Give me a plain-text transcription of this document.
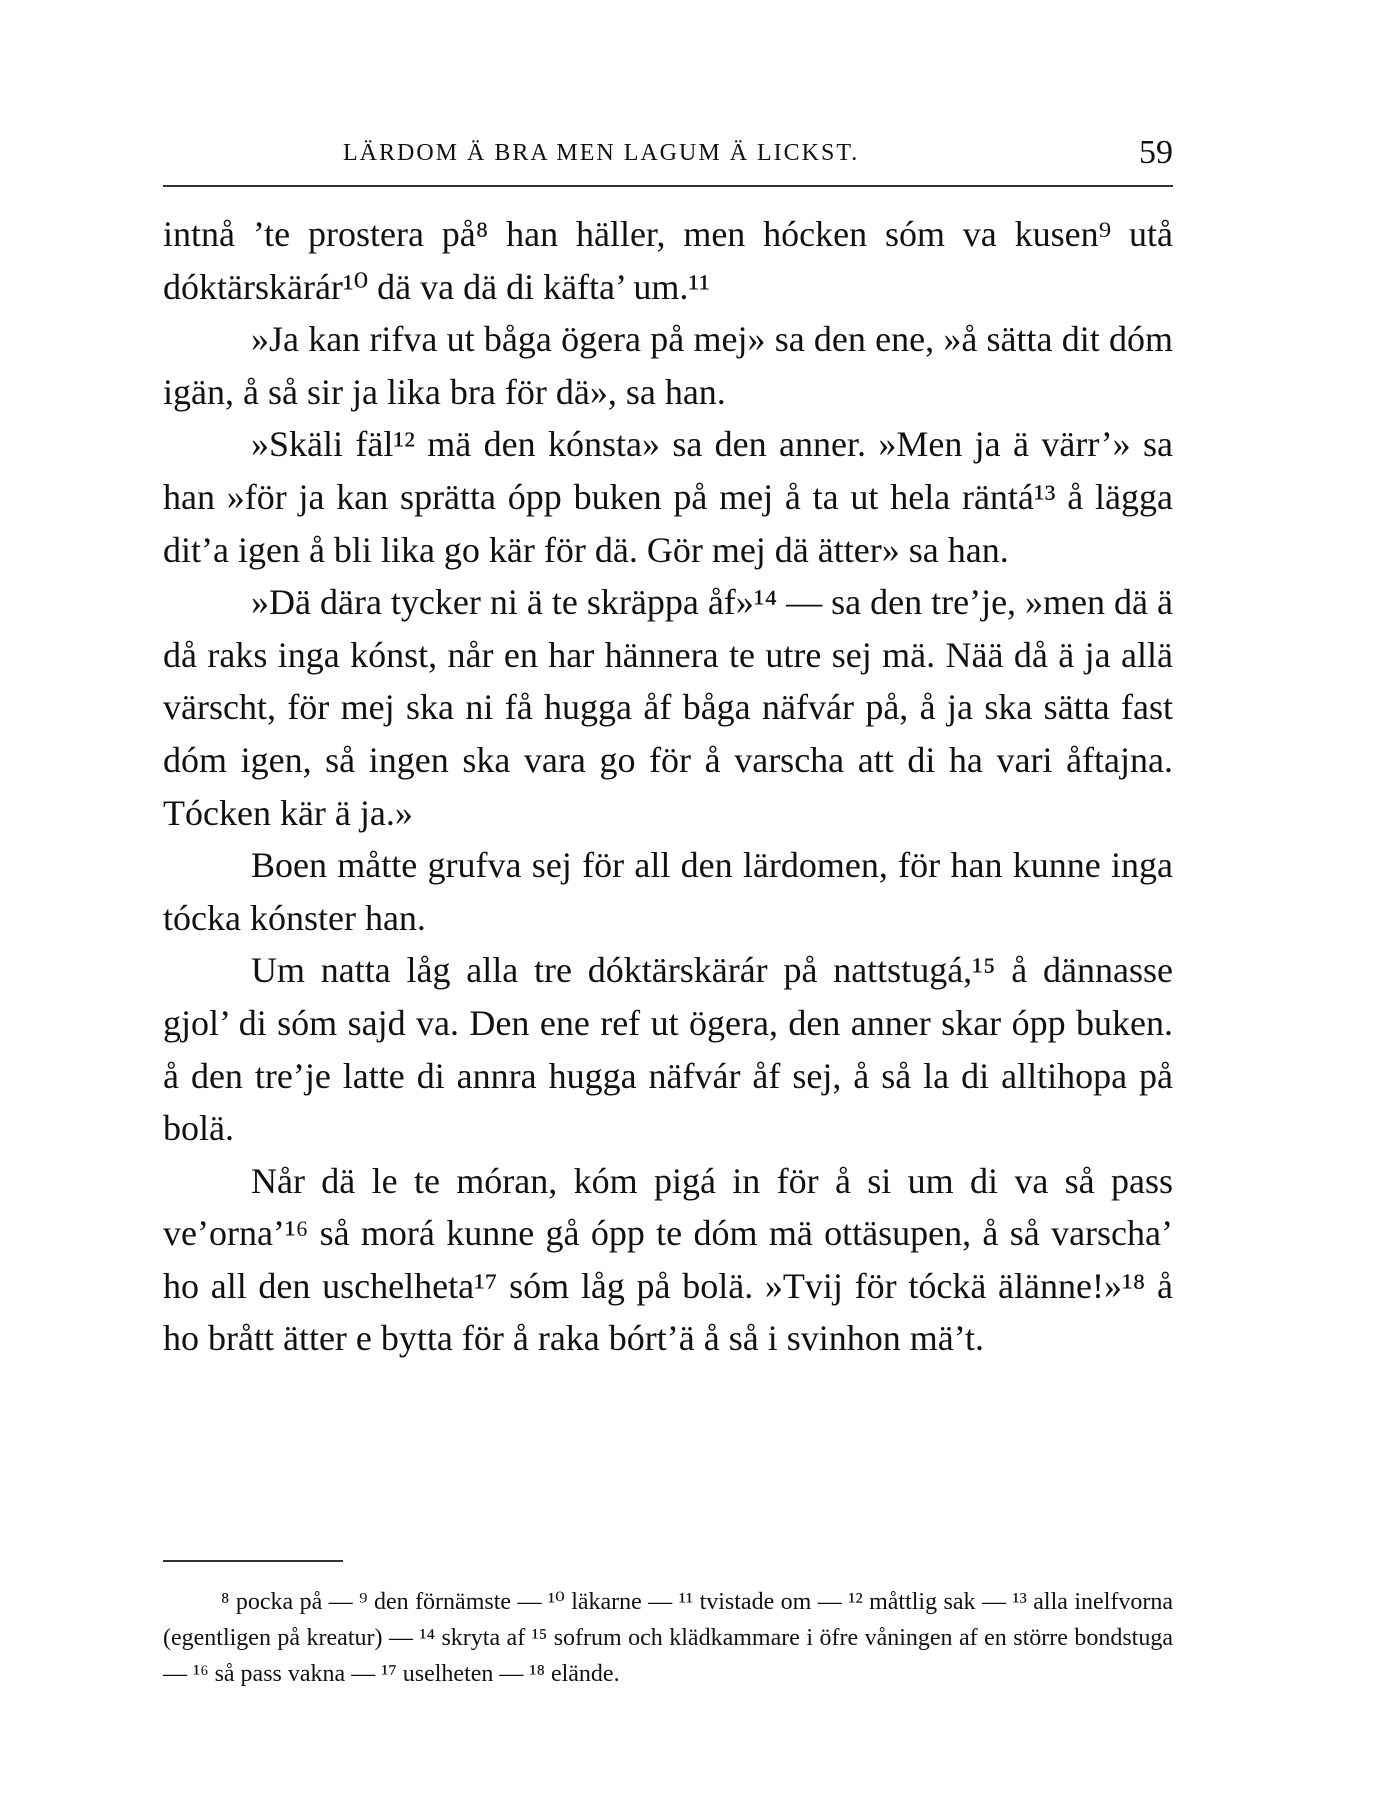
LÄRDOM Ä BRA MEN LAGUM Ä LICKST.	59

intnå ’te prostera på⁸ han häller, men hócken sóm va kusen⁹ utå dóktärskärár¹⁰ dä va dä di käfta’ um.¹¹

»Ja kan rifva ut båga ögera på mej» sa den ene, »å sätta dit dóm igän, å så sir ja lika bra för dä», sa han.

»Skäli fäl¹² mä den kónsta» sa den anner. »Men ja ä värr’» sa han »för ja kan sprätta ópp buken på mej å ta ut hela räntá¹³ å lägga dit’a igen å bli lika go kär för dä. Gör mej dä ätter» sa han.

»Dä därа tycker ni ä te skräppa åf»¹⁴ — sa den tre’je, »men dä ä då raks inga kónst, når en har hännera te utre sej mä. Nää då ä ja allä värscht, för mej ska ni få hugga åf båga näfvár på, å ja ska sätta fast dóm igen, så ingen ska vara go för å varscha att di ha vari åftajna. Tócken kär ä ja.»

Boen måtte grufva sej för all den lärdomen, för han kunne inga tócka kónster han.

Um natta låg alla tre dóktärskärár på nattstugá,¹⁵ å dännasse gjol’ di sóm sajd va. Den ene ref ut ögera, den anner skar ópp buken. å den tre’je latte di annra hugga näfvár åf sej, å så la di alltihopa på bolä.

Når dä le te móran, kóm pigá in för å si um di va så pass ve’orna’¹⁶ så morá kunne gå ópp te dóm mä ottäsupen, å så varscha’ ho all den uschelheta¹⁷ sóm låg på bolä. »Tvij för tóckä älänne!»¹⁸ å ho brått ätter e bytta för å raka bórt’ä å så i svinhon mä’t.

⁸ pocka på — ⁹ den förnämste — ¹⁰ läkarne — ¹¹ tvistade om — ¹² måttlig sak — ¹³ alla inelfvorna (egentligen på kreatur) — ¹⁴ skryta af ¹⁵ sofrum och klädkammare i öfre våningen af en större bondstuga — ¹⁶ så pass vakna — ¹⁷ uselheten — ¹⁸ elände.
